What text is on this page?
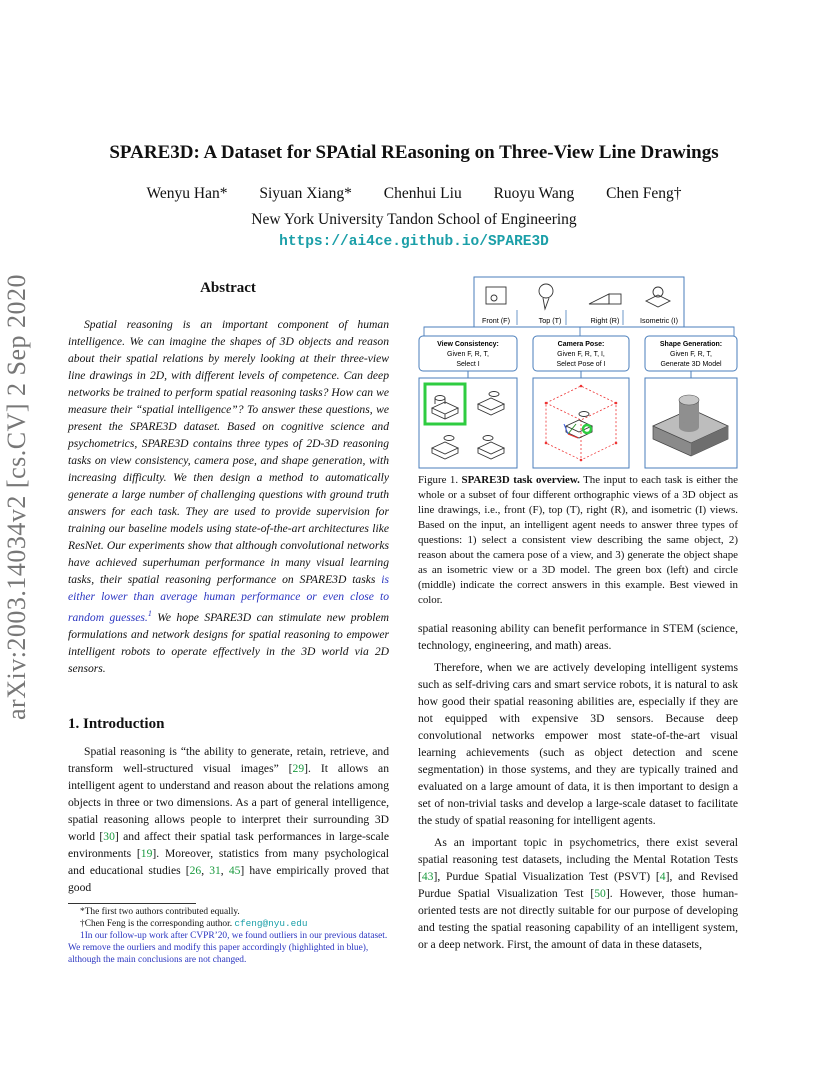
arXiv:2003.14034v2 [cs.CV] 2 Sep 2020
SPARE3D: A Dataset for SPAtial REasoning on Three-View Line Drawings
Wenyu Han* Siyuan Xiang* Chenhui Liu Ruoyu Wang Chen Feng†
New York University Tandon School of Engineering
https://ai4ce.github.io/SPARE3D
Abstract
Spatial reasoning is an important component of human intelligence. We can imagine the shapes of 3D objects and reason about their spatial relations by merely looking at their three-view line drawings in 2D, with different levels of competence. Can deep networks be trained to perform spatial reasoning tasks? How can we measure their “spatial intelligence”? To answer these questions, we present the SPARE3D dataset. Based on cognitive science and psychometrics, SPARE3D contains three types of 2D-3D reasoning tasks on view consistency, camera pose, and shape generation, with increasing difficulty. We then design a method to automatically generate a large number of challenging questions with ground truth answers for each task. They are used to provide supervision for training our baseline models using state-of-the-art architectures like ResNet. Our experiments show that although convolutional networks have achieved superhuman performance in many visual learning tasks, their spatial reasoning performance on SPARE3D tasks is either lower than average human performance or even close to random guesses.$^1$ We hope SPARE3D can stimulate new problem formulations and network designs for spatial reasoning to empower intelligent robots to operate effectively in the 3D world via 2D sensors.
1. Introduction
Spatial reasoning is “the ability to generate, retain, retrieve, and transform well-structured visual images” [29]. It allows an intelligent agent to understand and reason about the relations among objects in three or two dimensions. As a part of general intelligence, spatial reasoning allows people to interpret their surrounding 3D world [30] and affect their spatial task performances in large-scale environments [19]. Moreover, statistics from many psychological and educational studies [26, 31, 45] have empirically proved that good
*The first two authors contributed equally.
†Chen Feng is the corresponding author. cfeng@nyu.edu
1In our follow-up work after CVPR’20, we found outliers in our previous dataset. We remove the ourliers and modify this paper accordingly (highlighted in blue), although the main conclusions are not changed.
Front (F)	Top (T)	Right (R)	Isometric (I)
View Consistency:
Given F, R, T,
Select I
Camera Pose:
Given F, R, T, I,
Select Pose of I
Shape Generation:
Given F, R, T,
Generate 3D Model
Figure 1. SPARE3D task overview. The input to each task is either the whole or a subset of four different orthographic views of a 3D object as line drawings, i.e., front (F), top (T), right (R), and isometric (I) views. Based on the input, an intelligent agent needs to answer three types of questions: 1) select a consistent view describing the same object, 2) reason about the camera pose of a view, and 3) generate the object shape as an isometric view or a 3D model. The green box (left) and circle (middle) indicate the correct answers in this example. Best viewed in color.
spatial reasoning ability can benefit performance in STEM (science, technology, engineering, and math) areas.
Therefore, when we are actively developing intelligent systems such as self-driving cars and smart service robots, it is natural to ask how good their spatial reasoning abilities are, especially if they are not equipped with expensive 3D sensors. Because deep convolutional networks empower most state-of-the-art visual learning achievements (such as object detection and scene segmentation) in those systems, and they are typically trained and evaluated on a large amount of data, it is then important to design a set of non-trivial tasks and develop a large-scale dataset to facilitate the study of spatial reasoning for intelligent agents.
As an important topic in psychometrics, there exist several spatial reasoning test datasets, including the Mental Rotation Tests [43], Purdue Spatial Visualization Test (PSVT) [4], and Revised Purdue Spatial Visualization Test [50]. However, those human-oriented tests are not directly suitable for our purpose of developing and testing the spatial reasoning capability of an intelligent system, or a deep network. First, the amount of data in these datasets,
